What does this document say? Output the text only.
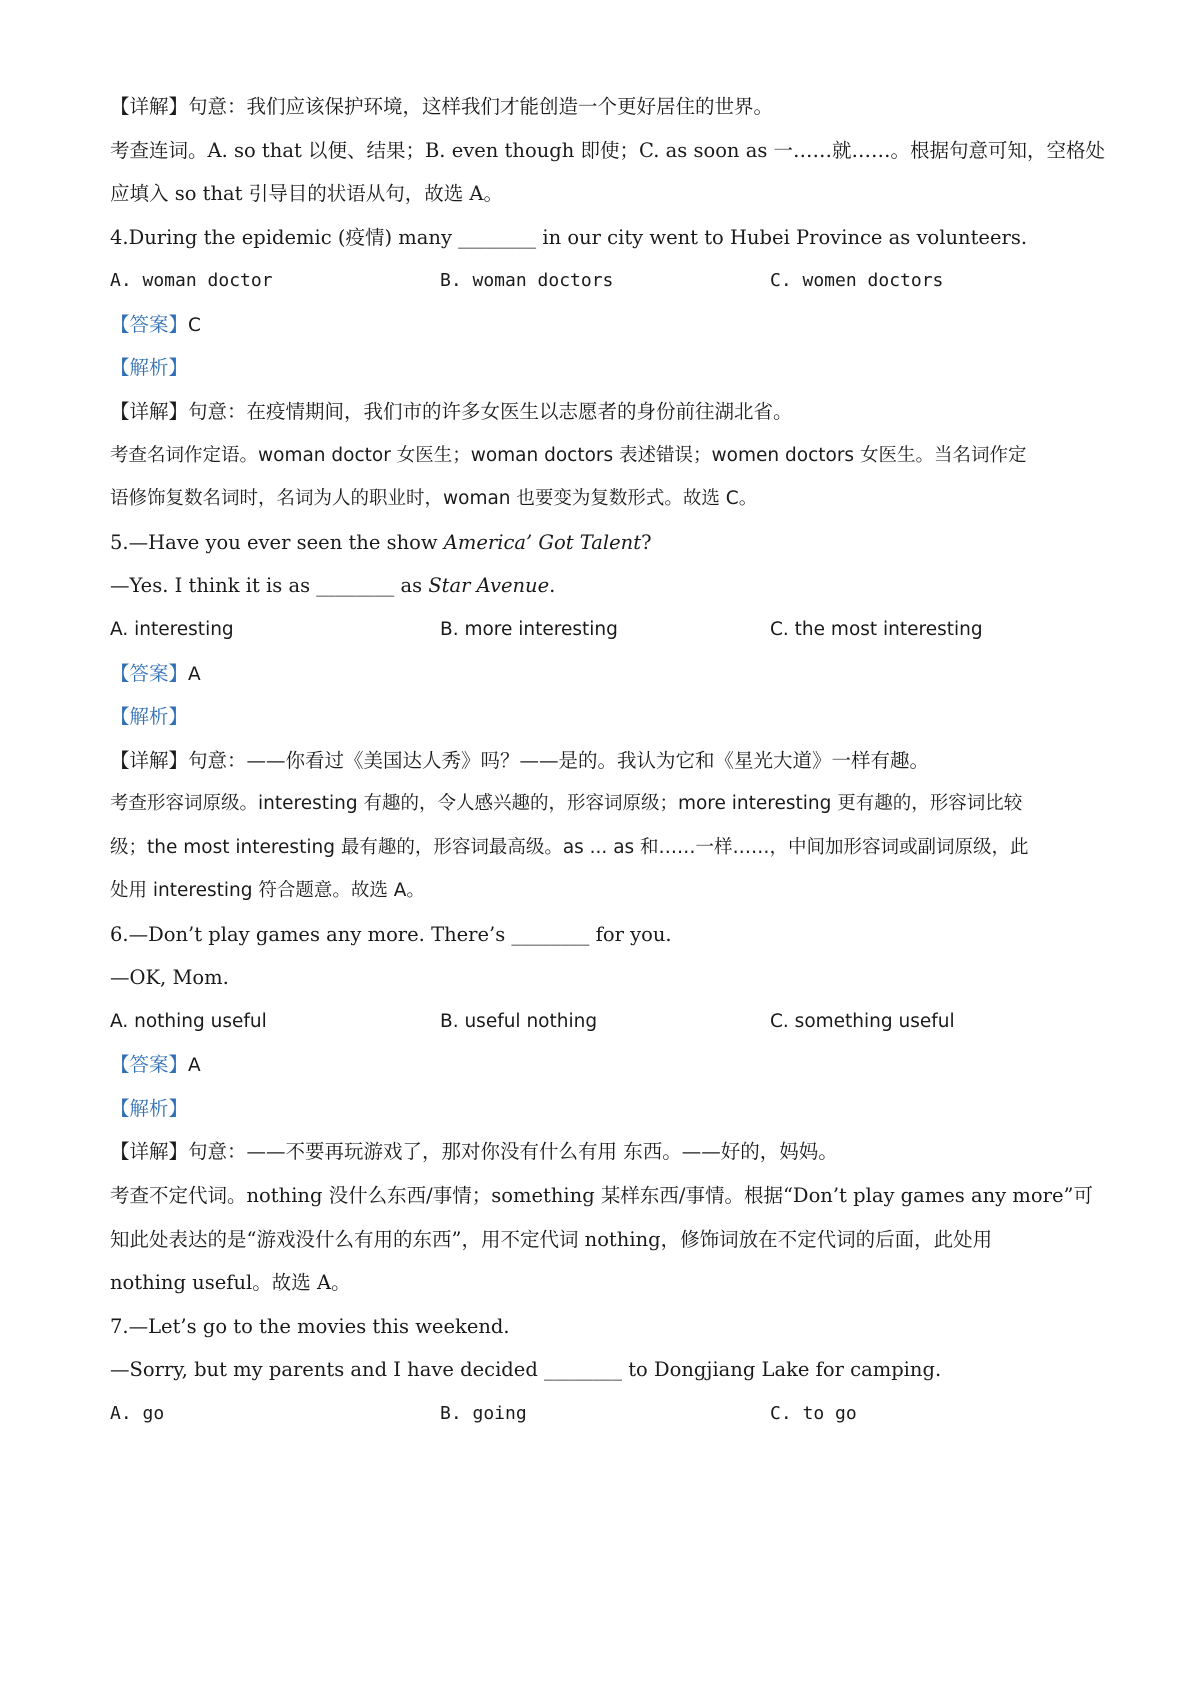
【详解】句意：我们应该保护环境，这样我们才能创造一个更好居住的世界。
考查连词。A. so that 以便、结果；B. even though 即使；C. as soon as 一……就……。根据句意可知，空格处
应填入 so that 引导目的状语从句，故选 A。
4.During the epidemic (疫情) many ________ in our city went to Hubei Province as volunteers.
A. woman doctor	B. woman doctors	C. women doctors
【答案】C
【解析】
【详解】句意：在疫情期间，我们市的许多女医生以志愿者的身份前往湖北省。
考查名词作定语。woman doctor 女医生；woman doctors 表述错误；women doctors 女医生。当名词作定
语修饰复数名词时，名词为人的职业时，woman 也要变为复数形式。故选 C。
5.—Have you ever seen the show America’ Got Talent?
—Yes. I think it is as ________ as Star Avenue.
A. interesting	B. more interesting	C. the most interesting
【答案】A
【解析】
【详解】句意：——你看过《美国达人秀》吗？——是的。我认为它和《星光大道》一样有趣。
考查形容词原级。interesting 有趣的，令人感兴趣的，形容词原级；more interesting 更有趣的，形容词比较
级；the most interesting 最有趣的，形容词最高级。as ... as 和……一样……，中间加形容词或副词原级，此
处用 interesting 符合题意。故选 A。
6.—Don’t play games any more. There’s ________ for you.
—OK, Mom.
A. nothing useful	B. useful nothing	C. something useful
【答案】A
【解析】
【详解】句意：——不要再玩游戏了，那对你没有什么有用 东西。——好的，妈妈。
考查不定代词。nothing 没什么东西/事情；something 某样东西/事情。根据“Don’t play games any more”可
知此处表达的是“游戏没什么有用的东西”，用不定代词 nothing，修饰词放在不定代词的后面，此处用
nothing useful。故选 A。
7.—Let’s go to the movies this weekend.
—Sorry, but my parents and I have decided ________ to Dongjiang Lake for camping.
A. go	B. going	C. to go
